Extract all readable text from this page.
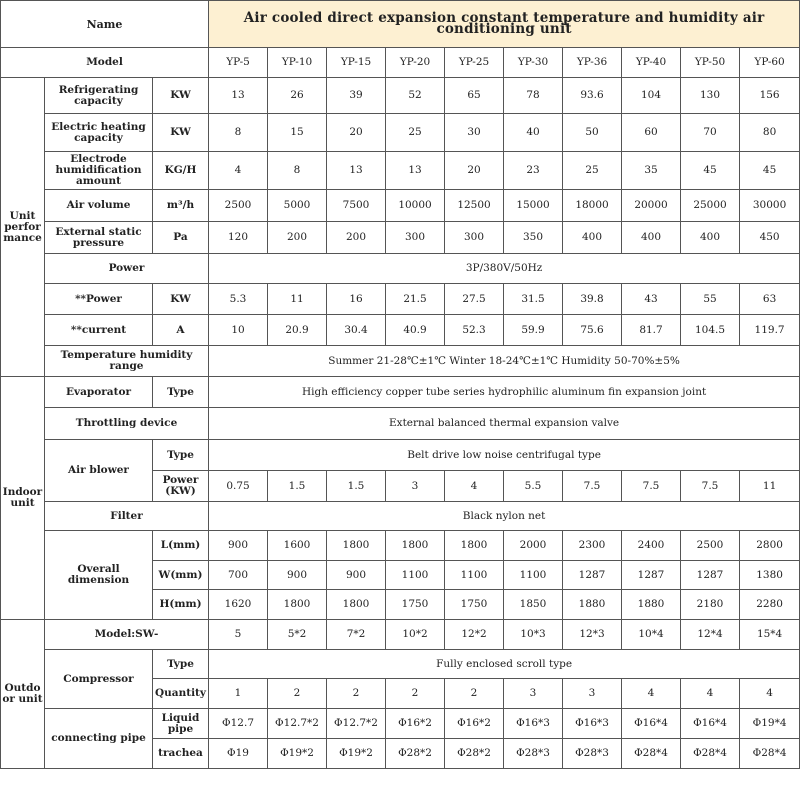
Name			Air cooled direct expansion constant temperature and humidity air conditioning unit									
Model			YP-5	YP-10	YP-15	YP-20	YP-25	YP-30	YP-36	YP-40	YP-50	YP-60
Unit perfor mance	Refrigerating capacity	KW	13	26	39	52	65	78	93.6	104	130	156
	Electric heating capacity	KW	8	15	20	25	30	40	50	60	70	80
	Electrode humidification amount	KG/H	4	8	13	13	20	23	25	35	45	45
	Air volume	m³/h	2500	5000	7500	10000	12500	15000	18000	20000	25000	30000
	External static pressure	Pa	120	200	200	300	300	350	400	400	400	450
	Power		3P/380V/50Hz									
	**Power	KW	5.3	11	16	21.5	27.5	31.5	39.8	43	55	63
	**current	A	10	20.9	30.4	40.9	52.3	59.9	75.6	81.7	104.5	119.7
	Temperature humidity range		Summer 21-28℃±1℃ Winter 18-24℃±1℃ Humidity 50-70%±5%									
Indoor unit	Evaporator	Type	High efficiency copper tube series hydrophilic aluminum fin expansion joint									
	Throttling device		External balanced thermal expansion valve									
	Air blower	Type	Belt drive low noise centrifugal type									
		Power (KW)	0.75	1.5	1.5	3	4	5.5	7.5	7.5	7.5	11
	Filter		Black nylon net									
	Overall dimension	L(mm)	900	1600	1800	1800	1800	2000	2300	2400	2500	2800
		W(mm)	700	900	900	1100	1100	1100	1287	1287	1287	1380
		H(mm)	1620	1800	1800	1750	1750	1850	1880	1880	2180	2280
Outdo or unit	Model:SW-		5	5*2	7*2	10*2	12*2	10*3	12*3	10*4	12*4	15*4
	Compressor	Type	Fully enclosed scroll type									
		Quantity	1	2	2	2	2	3	3	4	4	4
	connecting pipe	Liquid pipe	Φ12.7	Φ12.7*2	Φ12.7*2	Φ16*2	Φ16*2	Φ16*3	Φ16*3	Φ16*4	Φ16*4	Φ19*4
		trachea	Φ19	Φ19*2	Φ19*2	Φ28*2	Φ28*2	Φ28*3	Φ28*3	Φ28*4	Φ28*4	Φ28*4
